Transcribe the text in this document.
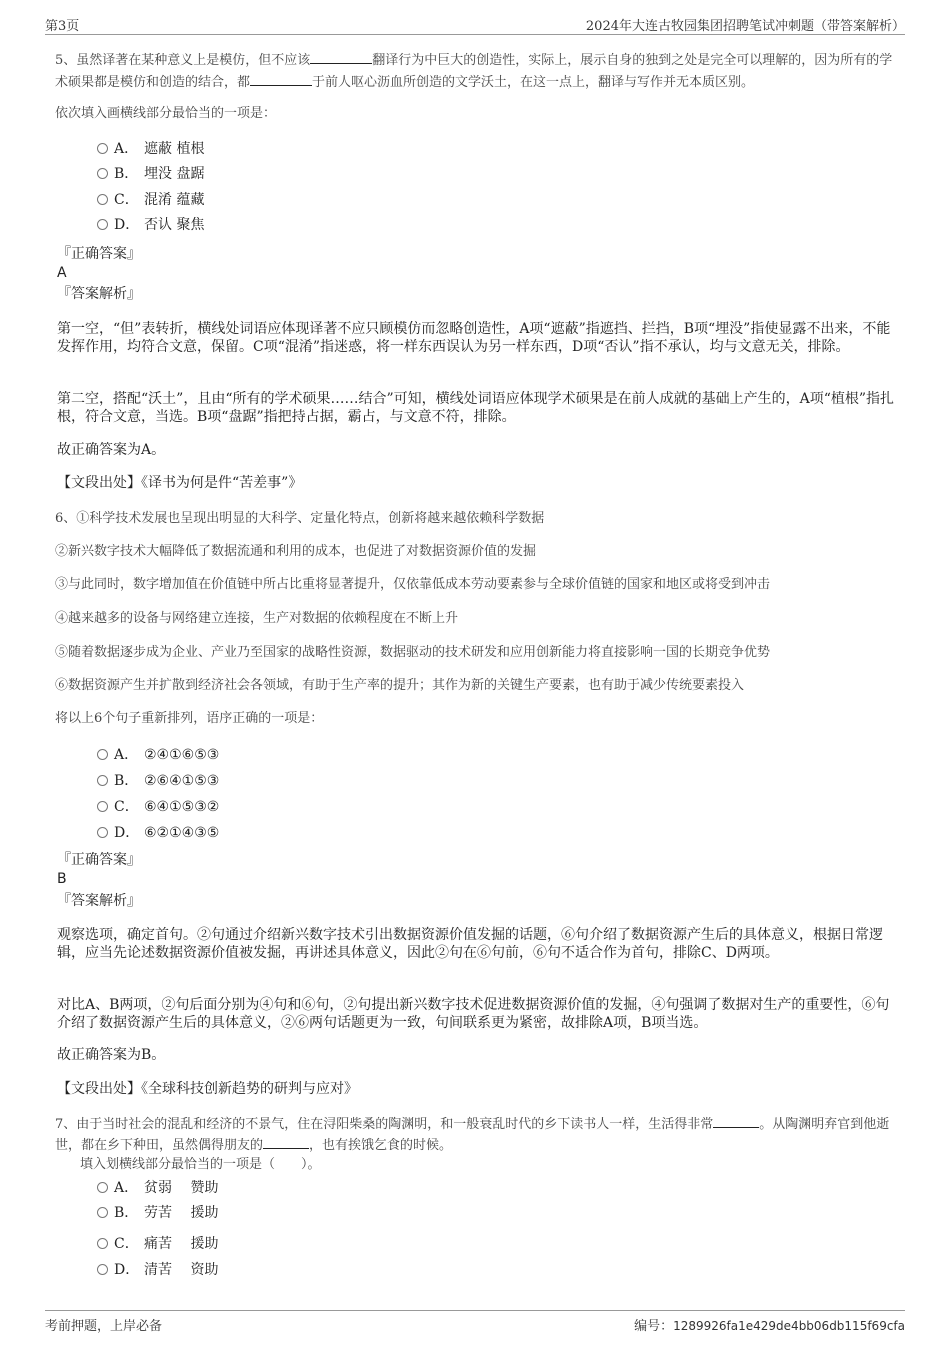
第3页	2024年大连古牧园集团招聘笔试冲刺题（带答案解析）
5、虽然译著在某种意义上是模仿，但不应该	翻译行为中巨大的创造性，实际上，展示自身的独到之处是完全可以理解的，因为所有的学术硕果都是模仿和创造的结合，都	于前人呕心沥血所创造的文学沃土，在这一点上，翻译与写作并无本质区别。
依次填入画横线部分最恰当的一项是：
A． 遮蔽 植根
B． 埋没 盘踞
C． 混淆 蕴藏
D． 否认 聚焦
『正确答案』
A
『答案解析』
第一空，“但”表转折，横线处词语应体现译著不应只顾模仿而忽略创造性，A项“遮蔽”指遮挡、拦挡，B项“埋没”指使显露不出来，不能发挥作用，均符合文意，保留。C项“混淆”指迷惑，将一样东西误认为另一样东西，D项“否认”指不承认，均与文意无关，排除。
第二空，搭配“沃土”，且由“所有的学术硕果……结合”可知，横线处词语应体现学术硕果是在前人成就的基础上产生的，A项“植根”指扎根，符合文意，当选。B项“盘踞”指把持占据，霸占，与文意不符，排除。
故正确答案为A。
【文段出处】《译书为何是件“苦差事”》
6、①科学技术发展也呈现出明显的大科学、定量化特点，创新将越来越依赖科学数据
②新兴数字技术大幅降低了数据流通和利用的成本，也促进了对数据资源价值的发掘
③与此同时，数字增加值在价值链中所占比重将显著提升，仅依靠低成本劳动要素参与全球价值链的国家和地区或将受到冲击
④越来越多的设备与网络建立连接，生产对数据的依赖程度在不断上升
⑤随着数据逐步成为企业、产业乃至国家的战略性资源，数据驱动的技术研发和应用创新能力将直接影响一国的长期竞争优势
⑥数据资源产生并扩散到经济社会各领域，有助于生产率的提升；其作为新的关键生产要素，也有助于减少传统要素投入
将以上6个句子重新排列，语序正确的一项是：
A． ②④①⑥⑤③
B． ②⑥④①⑤③
C． ⑥④①⑤③②
D． ⑥②①④③⑤
『正确答案』
B
『答案解析』
观察选项，确定首句。②句通过介绍新兴数字技术引出数据资源价值发掘的话题，⑥句介绍了数据资源产生后的具体意义，根据日常逻辑，应当先论述数据资源价值被发掘，再讲述具体意义，因此②句在⑥句前，⑥句不适合作为首句，排除C、D两项。
对比A、B两项，②句后面分别为④句和⑥句，②句提出新兴数字技术促进数据资源价值的发掘，④句强调了数据对生产的重要性，⑥句介绍了数据资源产生后的具体意义，②⑥两句话题更为一致，句间联系更为紧密，故排除A项，B项当选。
故正确答案为B。
【文段出处】《全球科技创新趋势的研判与应对》
7、由于当时社会的混乱和经济的不景气，住在浔阳柴桑的陶渊明，和一般衰乱时代的乡下读书人一样，生活得非常	。从陶渊明弃官到他逝世，都在乡下种田，虽然偶得朋友的	，也有挨饿乞食的时候。
填入划横线部分最恰当的一项是（　　）。
A． 贫弱　 赞助
B． 劳苦　 援助
C． 痛苦　 援助
D． 清苦　 资助
考前押题，上岸必备	编号：1289926fa1e429de4bb06db115f69cfa
